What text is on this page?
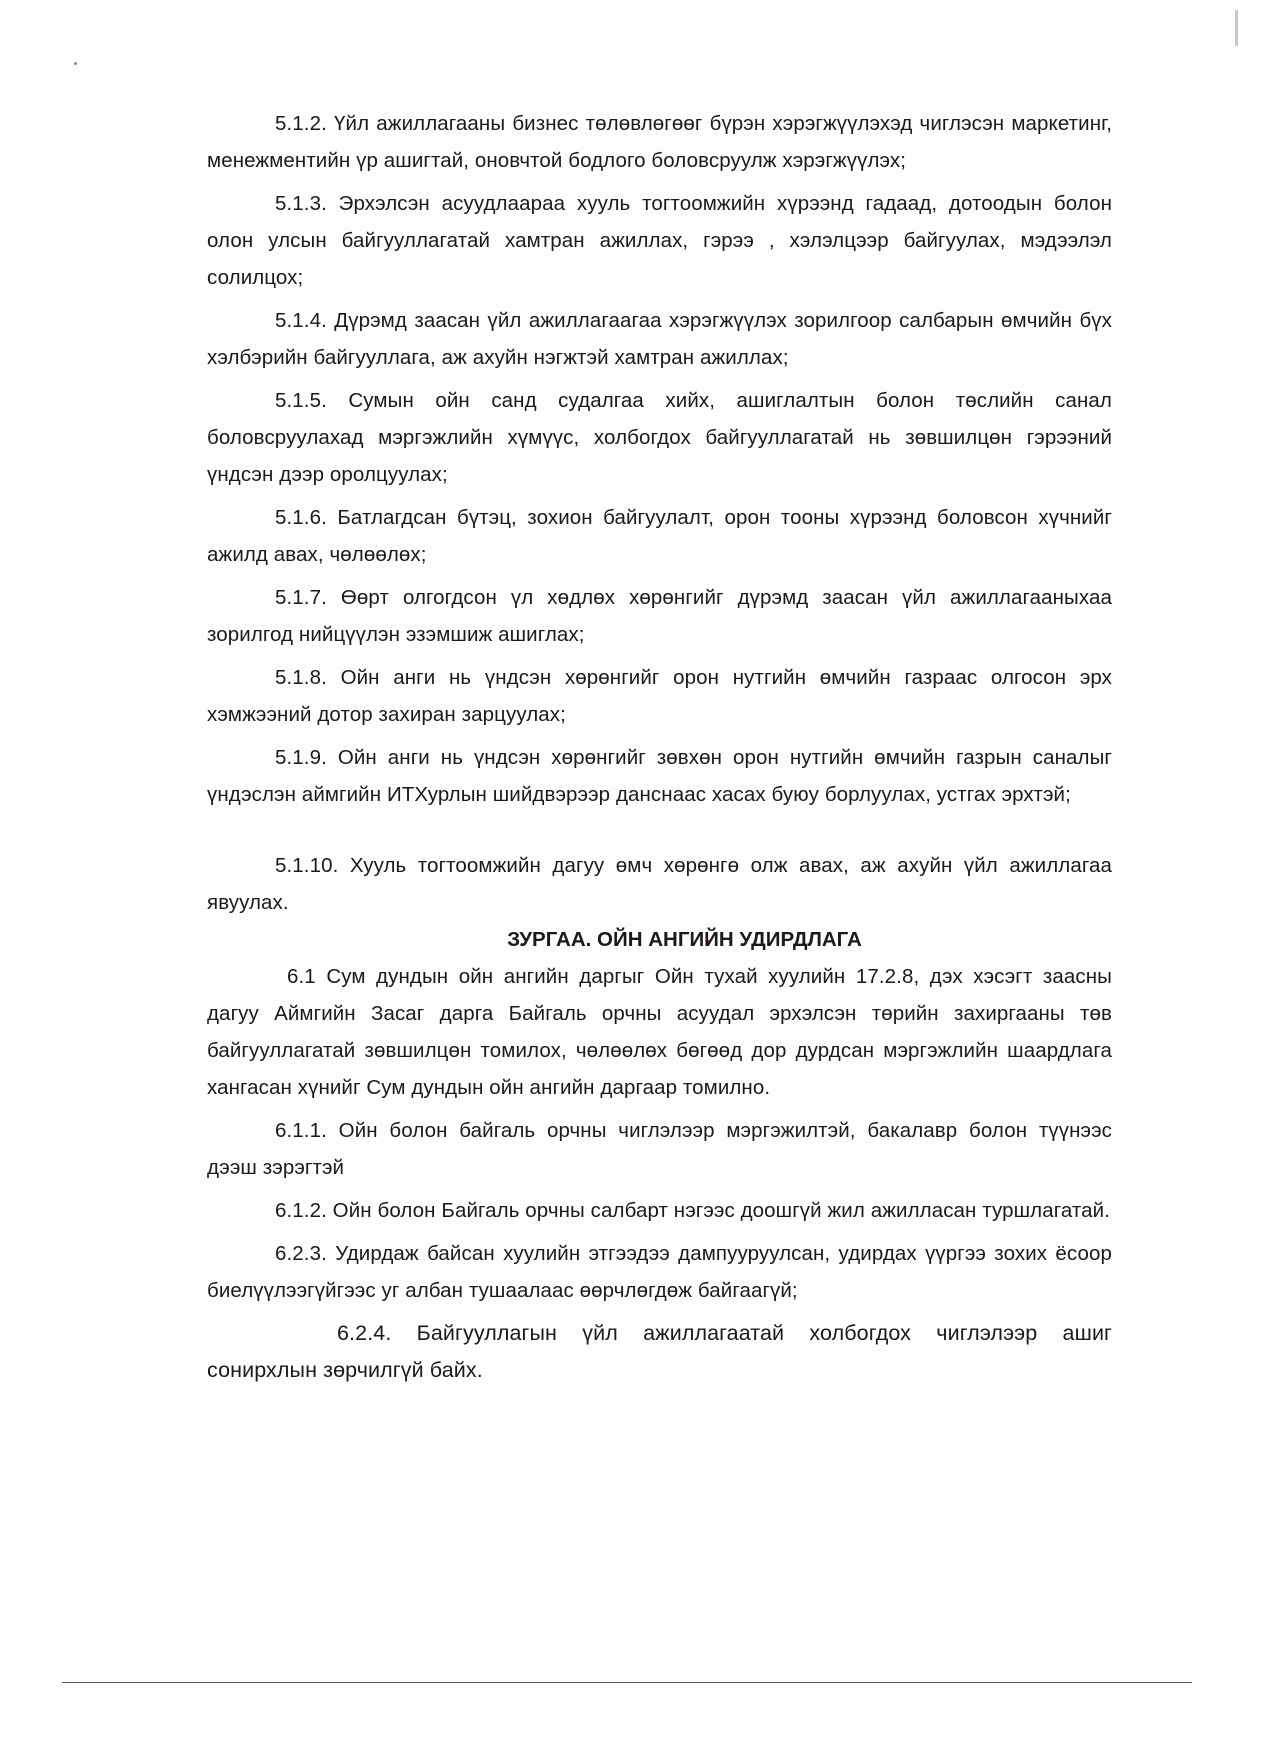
5.1.2. Үйл ажиллагааны бизнес төлөвлөгөөг бүрэн хэрэгжүүлэхэд чиглэсэн маркетинг, менежментийн үр ашигтай, оновчтой бодлого боловсруулж хэрэгжүүлэх;

5.1.3. Эрхэлсэн асуудлаараа хууль тогтоомжийн хүрээнд гадаад, дотоодын болон олон улсын байгууллагатай хамтран ажиллах, гэрээ , хэлэлцээр байгуулах, мэдээлэл солилцох;

5.1.4. Дүрэмд заасан үйл ажиллагаагаа хэрэгжүүлэх зорилгоор салбарын өмчийн бүх хэлбэрийн байгууллага, аж ахуйн нэгжтэй хамтран ажиллах;

5.1.5. Сумын ойн санд судалгаа хийх, ашиглалтын болон төслийн санал боловсруулахад мэргэжлийн хүмүүс, холбогдох байгууллагатай нь зөвшилцөн гэрээний үндсэн дээр оролцуулах;

5.1.6. Батлагдсан бүтэц, зохион байгуулалт, орон тооны хүрээнд боловсон хүчнийг ажилд авах, чөлөөлөх;

5.1.7. Өөрт олгогдсон үл хөдлөх хөрөнгийг дүрэмд заасан үйл ажиллагааныхаа зорилгод нийцүүлэн эзэмшиж ашиглах;

5.1.8. Ойн анги нь үндсэн хөрөнгийг орон нутгийн өмчийн газраас олгосон эрх хэмжээний дотор захиран зарцуулах;

5.1.9. Ойн анги нь үндсэн хөрөнгийг зөвхөн орон нутгийн өмчийн газрын саналыг үндэслэн аймгийн ИТХурлын шийдвэрээр данснаас хасах буюу борлуулах, устгах эрхтэй;

5.1.10. Хууль тогтоомжийн дагуу өмч хөрөнгө олж авах, аж ахуйн үйл ажиллагаа явуулах.

ЗУРГАА. ОЙН АНГИЙН УДИРДЛАГА

6.1 Сум дундын ойн ангийн даргыг Ойн тухай хуулийн 17.2.8, дэх хэсэгт заасны дагуу Аймгийн Засаг дарга Байгаль орчны асуудал эрхэлсэн төрийн захиргааны төв байгууллагатай зөвшилцөн томилох, чөлөөлөх бөгөөд дор дурдсан мэргэжлийн шаардлага хангасан хүнийг Сум дундын ойн ангийн даргаар томилно.

6.1.1. Ойн болон байгаль орчны чиглэлээр мэргэжилтэй, бакалавр болон түүнээс дээш зэрэгтэй

6.1.2. Ойн болон Байгаль орчны салбарт нэгээс доошгүй жил ажилласан туршлагатай.

6.2.3. Удирдаж байсан хуулийн этгээдээ дампууруулсан, удирдах үүргээ зохих ёсоор биелүүлээгүйгээс уг албан тушаалаас өөрчлөгдөж байгаагүй;

6.2.4. Байгууллагын үйл ажиллагаатай холбогдох чиглэлээр ашиг сонирхлын зөрчилгүй байх.
